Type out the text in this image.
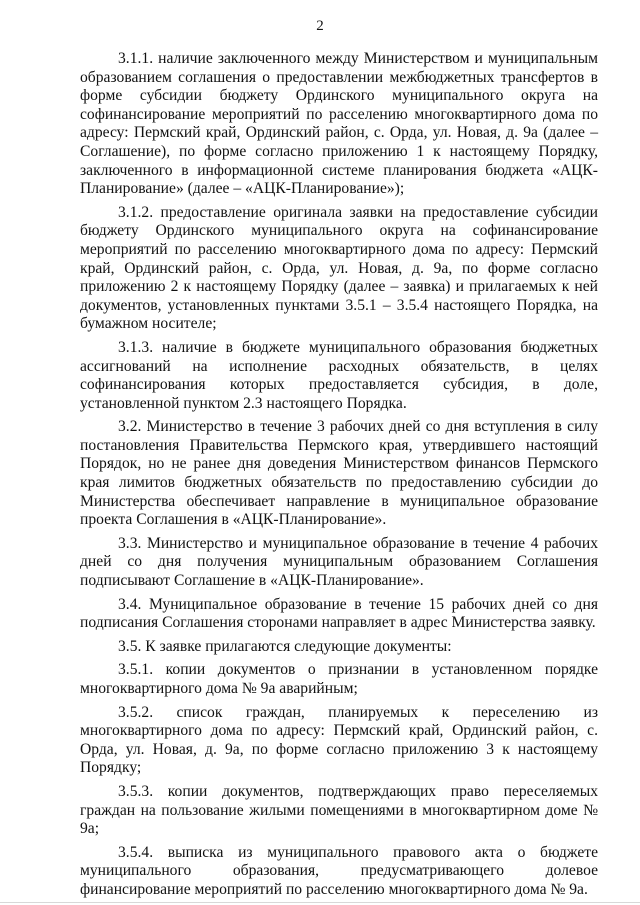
2

3.1.1. наличие заключенного между Министерством и муниципальным образованием соглашения о предоставлении межбюджетных трансфертов в форме субсидии бюджету Ординского муниципального округа на софинансирование мероприятий по расселению многоквартирного дома по адресу: Пермский край, Ординский район, с. Орда, ул. Новая, д. 9а (далее – Соглашение), по форме согласно приложению 1 к настоящему Порядку, заключенного в информационной системе планирования бюджета «АЦК-Планирование» (далее – «АЦК-Планирование»);

3.1.2. предоставление оригинала заявки на предоставление субсидии бюджету Ординского муниципального округа на софинансирование мероприятий по расселению многоквартирного дома по адресу: Пермский край, Ординский район, с. Орда, ул. Новая, д. 9а, по форме согласно приложению 2 к настоящему Порядку (далее – заявка) и прилагаемых к ней документов, установленных пунктами 3.5.1 – 3.5.4 настоящего Порядка, на бумажном носителе;

3.1.3. наличие в бюджете муниципального образования бюджетных ассигнований на исполнение расходных обязательств, в целях софинансирования которых предоставляется субсидия, в доле, установленной пунктом 2.3 настоящего Порядка.

3.2. Министерство в течение 3 рабочих дней со дня вступления в силу постановления Правительства Пермского края, утвердившего настоящий Порядок, но не ранее дня доведения Министерством финансов Пермского края лимитов бюджетных обязательств по предоставлению субсидии до Министерства обеспечивает направление в муниципальное образование проекта Соглашения в «АЦК-Планирование».

3.3. Министерство и муниципальное образование в течение 4 рабочих дней со дня получения муниципальным образованием Соглашения подписывают Соглашение в «АЦК-Планирование».

3.4. Муниципальное образование в течение 15 рабочих дней со дня подписания Соглашения сторонами направляет в адрес Министерства заявку.

3.5. К заявке прилагаются следующие документы:

3.5.1. копии документов о признании в установленном порядке многоквартирного дома № 9а аварийным;

3.5.2. список граждан, планируемых к переселению из многоквартирного дома по адресу: Пермский край, Ординский район, с. Орда, ул. Новая, д. 9а, по форме согласно приложению 3 к настоящему Порядку;

3.5.3. копии документов, подтверждающих право переселяемых граждан на пользование жилыми помещениями в многоквартирном доме № 9а;

3.5.4. выписка из муниципального правового акта о бюджете муниципального образования, предусматривающего долевое финансирование мероприятий по расселению многоквартирного дома № 9а.
